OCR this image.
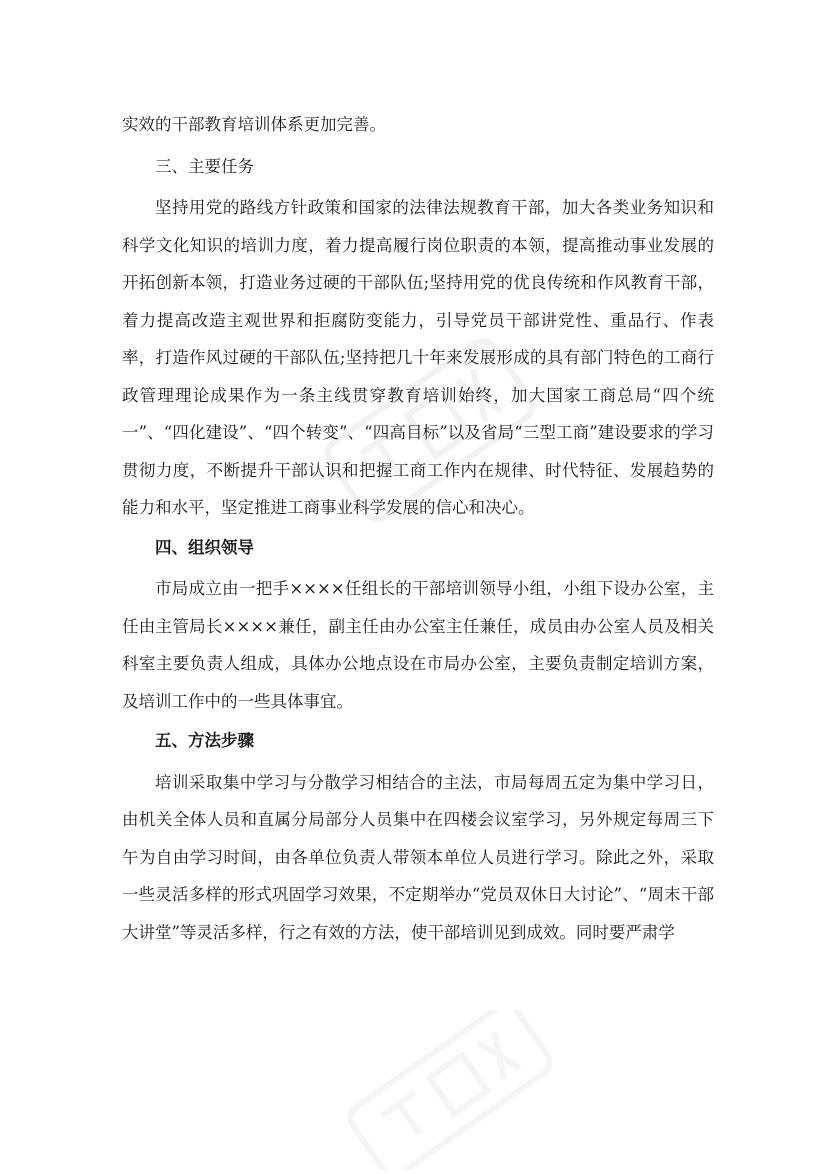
实效的干部教育培训体系更加完善。

三、主要任务

坚持用党的路线方针政策和国家的法律法规教育干部，加大各类业务知识和科学文化知识的培训力度，着力提高履行岗位职责的本领，提高推动事业发展的开拓创新本领，打造业务过硬的干部队伍;坚持用党的优良传统和作风教育干部，着力提高改造主观世界和拒腐防变能力，引导党员干部讲党性、重品行、作表率，打造作风过硬的干部队伍;坚持把几十年来发展形成的具有部门特色的工商行政管理理论成果作为一条主线贯穿教育培训始终，加大国家工商总局“四个统一”、“四化建设”、“四个转变”、“四高目标”以及省局“三型工商”建设要求的学习贯彻力度，不断提升干部认识和把握工商工作内在规律、时代特征、发展趋势的能力和水平，坚定推进工商事业科学发展的信心和决心。

四、组织领导

市局成立由一把手××××任组长的干部培训领导小组，小组下设办公室，主任由主管局长××××兼任，副主任由办公室主任兼任，成员由办公室人员及相关科室主要负责人组成，具体办公地点设在市局办公室，主要负责制定培训方案，及培训工作中的一些具体事宜。

五、方法步骤

培训采取集中学习与分散学习相结合的主法，市局每周五定为集中学习日，由机关全体人员和直属分局部分人员集中在四楼会议室学习，另外规定每周三下午为自由学习时间，由各单位负责人带领本单位人员进行学习。除此之外，采取一些灵活多样的形式巩固学习效果，不定期举办“党员双休日大讨论”、“周末干部大讲堂”等灵活多样，行之有效的方法，使干部培训见到成效。同时要严肃学
